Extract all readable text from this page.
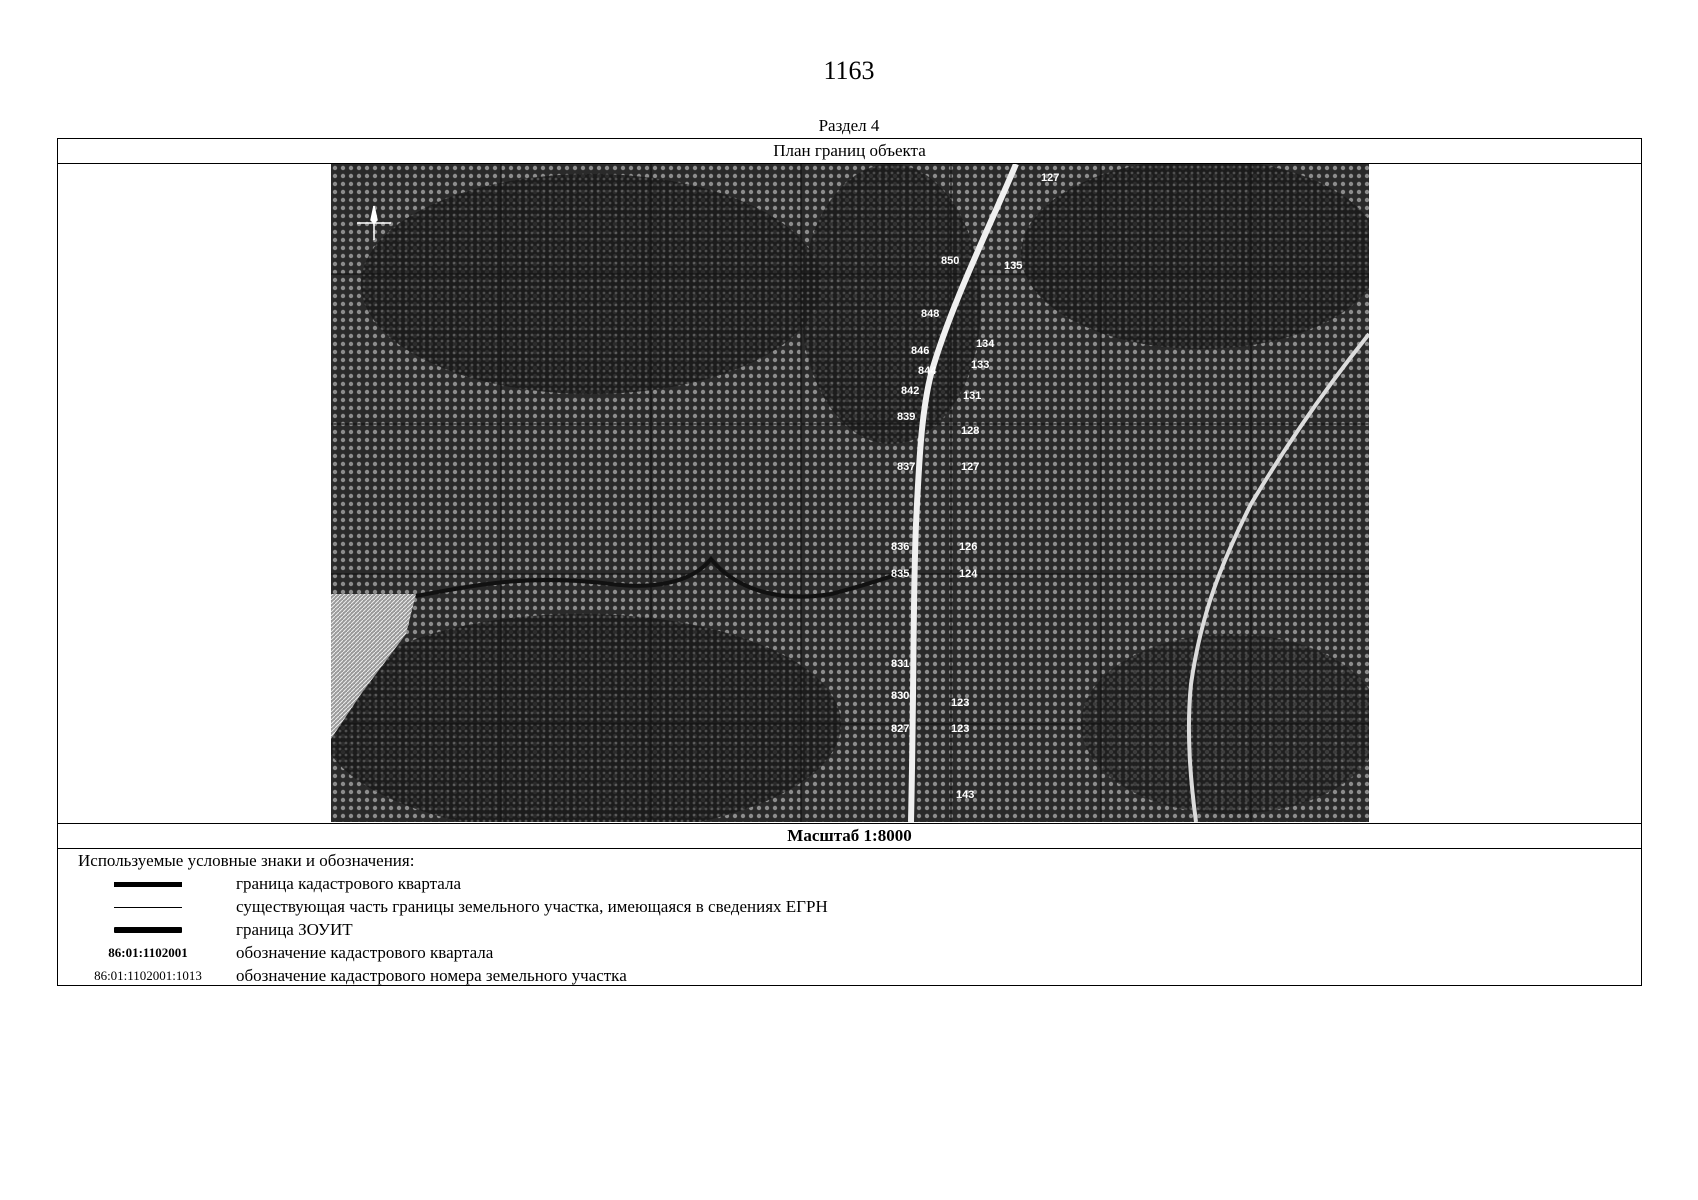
1163
Раздел 4
План границ объекта
127
850	135
848
134
846
133
844
842	131
839
128
837	127
836	126
835	124
831
830
123
827	123
143
Масштаб 1:8000
Используемые условные знаки и обозначения:
граница кадастрового квартала
существующая часть границы земельного участка, имеющаяся в сведениях ЕГРН
граница ЗОУИТ
86:01:1102001	обозначение кадастрового квартала
86:01:1102001:1013 обозначение кадастрового номера земельного участка
